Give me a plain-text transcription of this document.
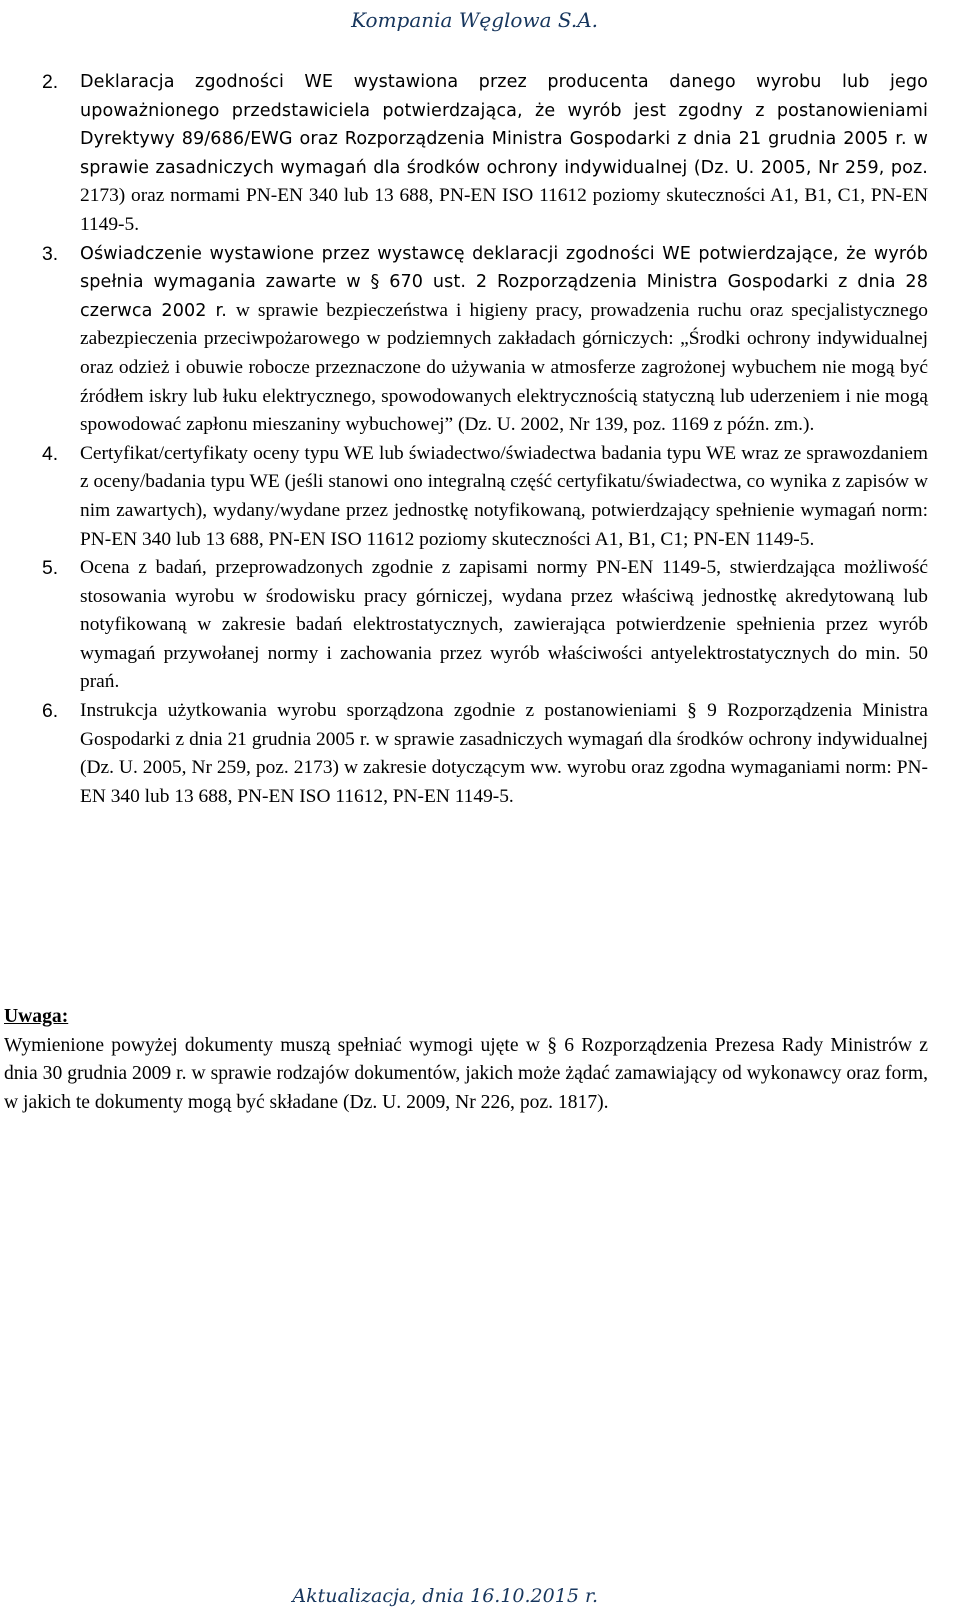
Kompania Węglowa S.A.
2. Deklaracja zgodności WE wystawiona przez producenta danego wyrobu lub jego upoważnionego przedstawiciela potwierdzająca, że wyrób jest zgodny z postanowieniami Dyrektywy 89/686/EWG oraz Rozporządzenia Ministra Gospodarki z dnia 21 grudnia 2005 r. w sprawie zasadniczych wymagań dla środków ochrony indywidualnej (Dz. U. 2005, Nr 259, poz. 2173) oraz normami PN-EN 340 lub 13 688, PN-EN ISO 11612 poziomy skuteczności A1, B1, C1, PN-EN 1149-5.
3. Oświadczenie wystawione przez wystawcę deklaracji zgodności WE potwierdzające, że wyrób spełnia wymagania zawarte w § 670 ust. 2 Rozporządzenia Ministra Gospodarki z dnia 28 czerwca 2002 r. w sprawie bezpieczeństwa i higieny pracy, prowadzenia ruchu oraz specjalistycznego zabezpieczenia przeciwpożarowego w podziemnych zakładach górniczych: „Środki ochrony indywidualnej oraz odzież i obuwie robocze przeznaczone do używania w atmosferze zagrożonej wybuchem nie mogą być źródłem iskry lub łuku elektrycznego, spowodowanych elektrycznością statyczną lub uderzeniem i nie mogą spowodować zapłonu mieszaniny wybuchowej” (Dz. U. 2002, Nr 139, poz. 1169 z późn. zm.).
4. Certyfikat/certyfikaty oceny typu WE lub świadectwo/świadectwa badania typu WE wraz ze sprawozdaniem z oceny/badania typu WE (jeśli stanowi ono integralną część certyfikatu/świadectwa, co wynika z zapisów w nim zawartych), wydany/wydane przez jednostkę notyfikowaną, potwierdzający spełnienie wymagań norm: PN-EN 340 lub 13 688, PN-EN ISO 11612 poziomy skuteczności A1, B1, C1; PN-EN 1149-5.
5. Ocena z badań, przeprowadzonych zgodnie z zapisami normy PN-EN 1149-5, stwierdzająca możliwość stosowania wyrobu w środowisku pracy górniczej, wydana przez właściwą jednostkę akredytowaną lub notyfikowaną w zakresie badań elektrostatycznych, zawierająca potwierdzenie spełnienia przez wyrób wymagań przywołanej normy i zachowania przez wyrób właściwości antyelektrostatycznych do min. 50 prań.
6. Instrukcja użytkowania wyrobu sporządzona zgodnie z postanowieniami § 9 Rozporządzenia Ministra Gospodarki z dnia 21 grudnia 2005 r. w sprawie zasadniczych wymagań dla środków ochrony indywidualnej (Dz. U. 2005, Nr 259, poz. 2173) w zakresie dotyczącym ww. wyrobu oraz zgodna wymaganiami norm: PN-EN 340 lub 13 688, PN-EN ISO 11612, PN-EN 1149-5.
Uwaga:
Wymienione powyżej dokumenty muszą spełniać wymogi ujęte w § 6 Rozporządzenia Prezesa Rady Ministrów z dnia 30 grudnia 2009 r. w sprawie rodzajów dokumentów, jakich może żądać zamawiający od wykonawcy oraz form, w jakich te dokumenty mogą być składane (Dz. U. 2009, Nr 226, poz. 1817).
Aktualizacja, dnia 16.10.2015 r.
